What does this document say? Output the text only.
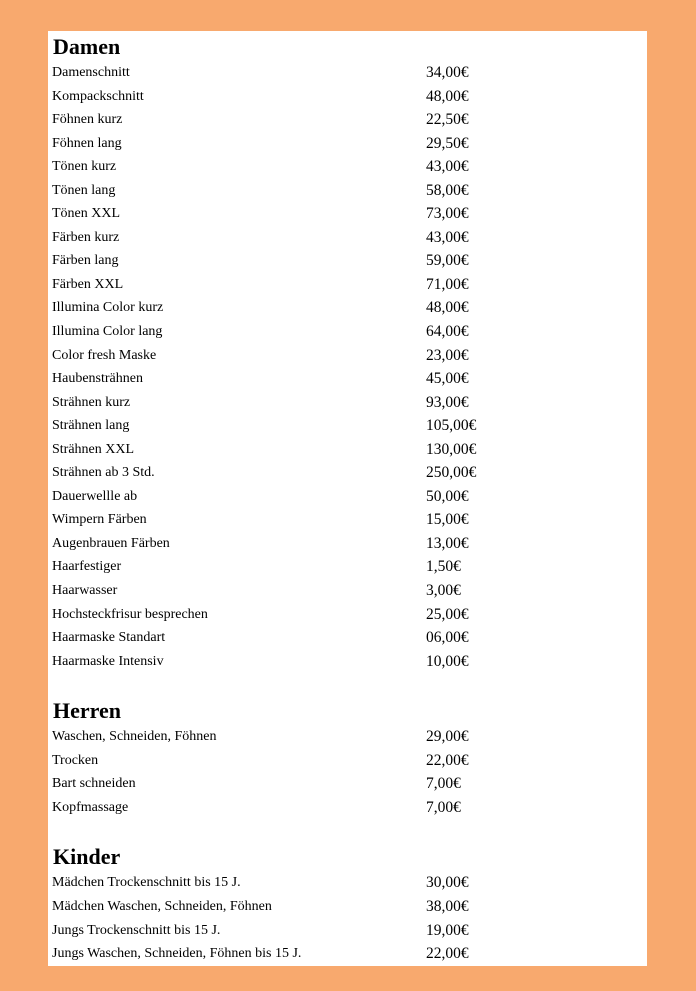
Damen
Damenschnitt	34,00€
Kompackschnitt	48,00€
Föhnen kurz	22,50€
Föhnen lang	29,50€
Tönen kurz	43,00€
Tönen lang	58,00€
Tönen XXL	73,00€
Färben kurz	43,00€
Färben lang	59,00€
Färben XXL	71,00€
Illumina Color kurz	48,00€
Illumina Color lang	64,00€
Color fresh Maske	23,00€
Haubensträhnen	45,00€
Strähnen kurz	93,00€
Strähnen lang	105,00€
Strähnen XXL	130,00€
Strähnen ab 3 Std.	250,00€
Dauerwellle ab	50,00€
Wimpern Färben	15,00€
Augenbrauen Färben	13,00€
Haarfestiger	1,50€
Haarwasser	3,00€
Hochsteckfrisur besprechen	25,00€
Haarmaske Standart	06,00€
Haarmaske Intensiv	10,00€
Herren
Waschen, Schneiden, Föhnen	29,00€
Trocken	22,00€
Bart schneiden	7,00€
Kopfmassage	7,00€
Kinder
Mädchen Trockenschnitt bis 15 J.	30,00€
Mädchen Waschen, Schneiden, Föhnen	38,00€
Jungs Trockenschnitt bis 15 J.	19,00€
Jungs Waschen, Schneiden, Föhnen bis 15 J.	22,00€
